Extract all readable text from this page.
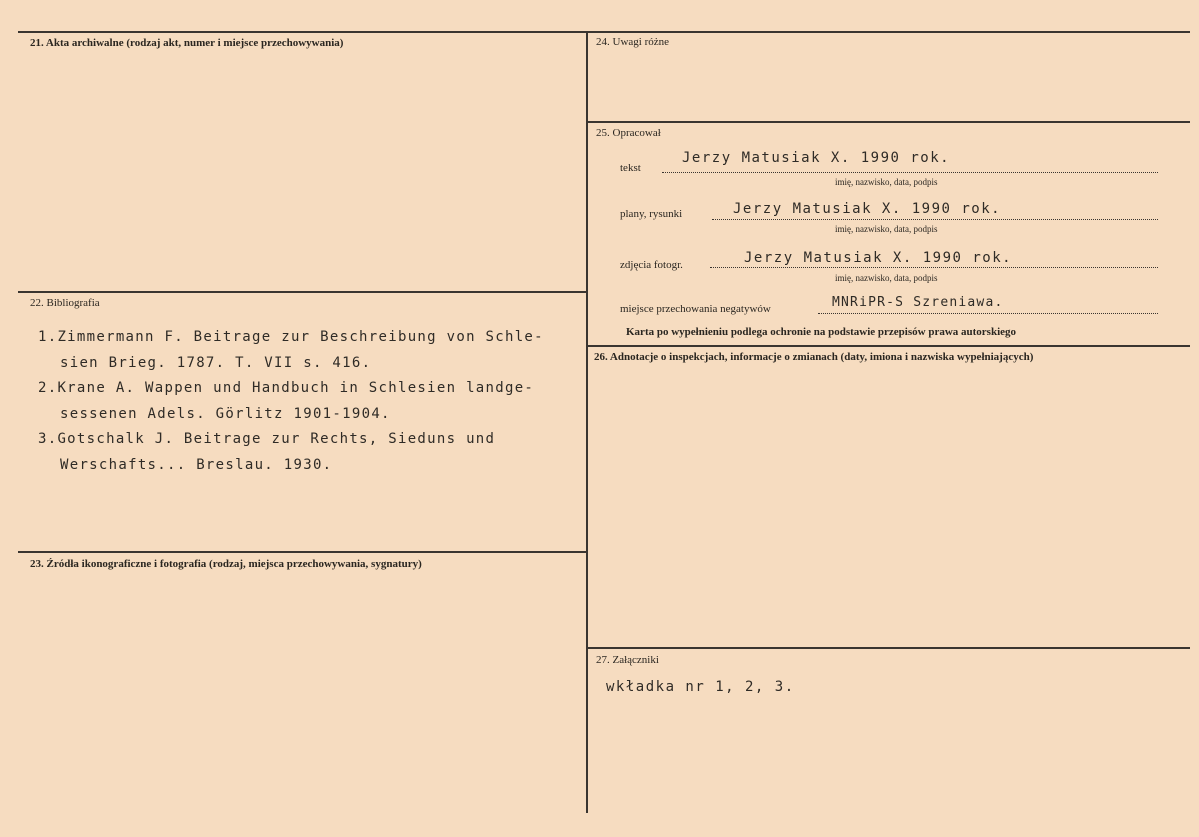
21. Akta archiwalne (rodzaj akt, numer i miejsce przechowywania)
22. Bibliografia
1.Zimmermann F. Beitrage zur Beschreibung von Schle-
sien Brieg. 1787. T. VII s. 416.
2.Krane A. Wappen und Handbuch in Schlesien landge-
sessenen Adels. Görlitz 1901-1904.
3.Gotschalk J. Beitrage zur Rechts, Sieduns und
Werschafts... Breslau. 1930.
23. Źródła ikonograficzne i fotografia (rodzaj, miejsca przechowywania, sygnatury)
24. Uwagi różne
25. Opracował
tekst
Jerzy Matusiak X. 1990 rok.
imię, nazwisko, data, podpis
plany, rysunki	Jerzy Matusiak X. 1990 rok.
imię, nazwisko, data, podpis
zdjęcia fotogr.	Jerzy Matusiak X. 1990 rok.
imię, nazwisko, data, podpis
miejsce przechowania negatywów	MNRiPR-S Szreniawa.
Karta po wypełnieniu podlega ochronie na podstawie przepisów prawa autorskiego
26. Adnotacje o inspekcjach, informacje o zmianach (daty, imiona i nazwiska wypełniających)
27. Załączniki
wkładka nr 1, 2, 3.
